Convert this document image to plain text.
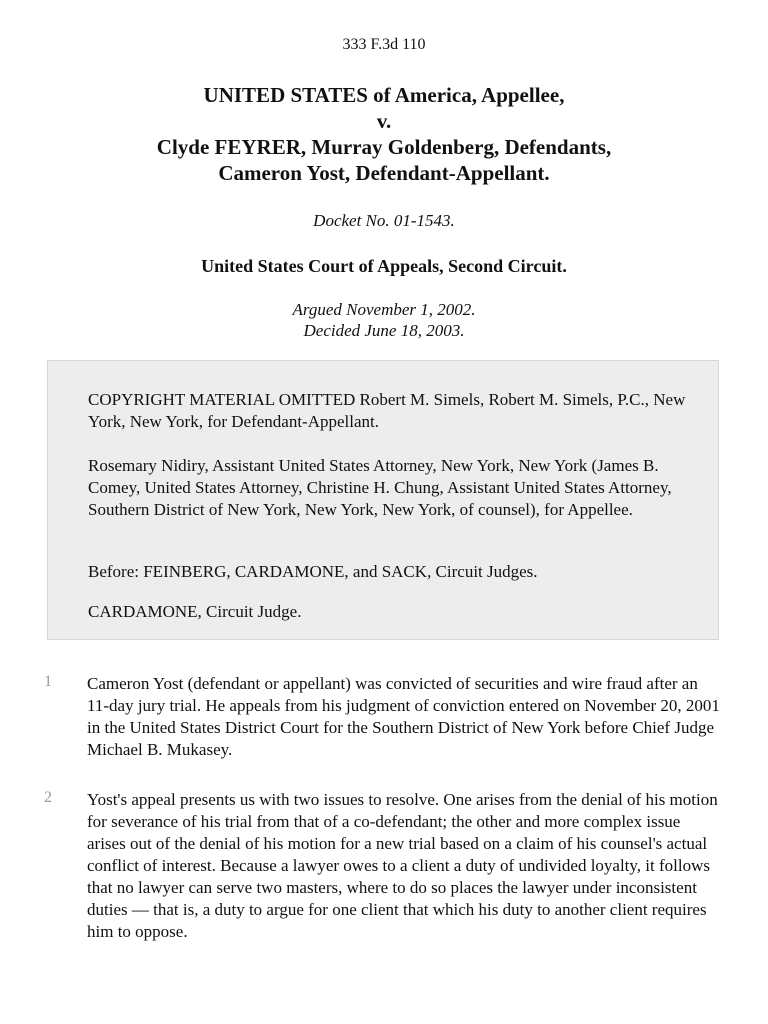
333 F.3d 110
UNITED STATES of America, Appellee,
v.
Clyde FEYRER, Murray Goldenberg, Defendants,
Cameron Yost, Defendant-Appellant.
Docket No. 01-1543.
United States Court of Appeals, Second Circuit.
Argued November 1, 2002.
Decided June 18, 2003.

COPYRIGHT MATERIAL OMITTED Robert M. Simels, Robert M. Simels, P.C., New York, New York, for Defendant-Appellant.

Rosemary Nidiry, Assistant United States Attorney, New York, New York (James B. Comey, United States Attorney, Christine H. Chung, Assistant United States Attorney, Southern District of New York, New York, New York, of counsel), for Appellee.

Before: FEINBERG, CARDAMONE, and SACK, Circuit Judges.

CARDAMONE, Circuit Judge.

1 Cameron Yost (defendant or appellant) was convicted of securities and wire fraud after an 11-day jury trial. He appeals from his judgment of conviction entered on November 20, 2001 in the United States District Court for the Southern District of New York before Chief Judge Michael B. Mukasey.

2 Yost's appeal presents us with two issues to resolve. One arises from the denial of his motion for severance of his trial from that of a co-defendant; the other and more complex issue arises out of the denial of his motion for a new trial based on a claim of his counsel's actual conflict of interest. Because a lawyer owes to a client a duty of undivided loyalty, it follows that no lawyer can serve two masters, where to do so places the lawyer under inconsistent duties — that is, a duty to argue for one client that which his duty to another client requires him to oppose.
